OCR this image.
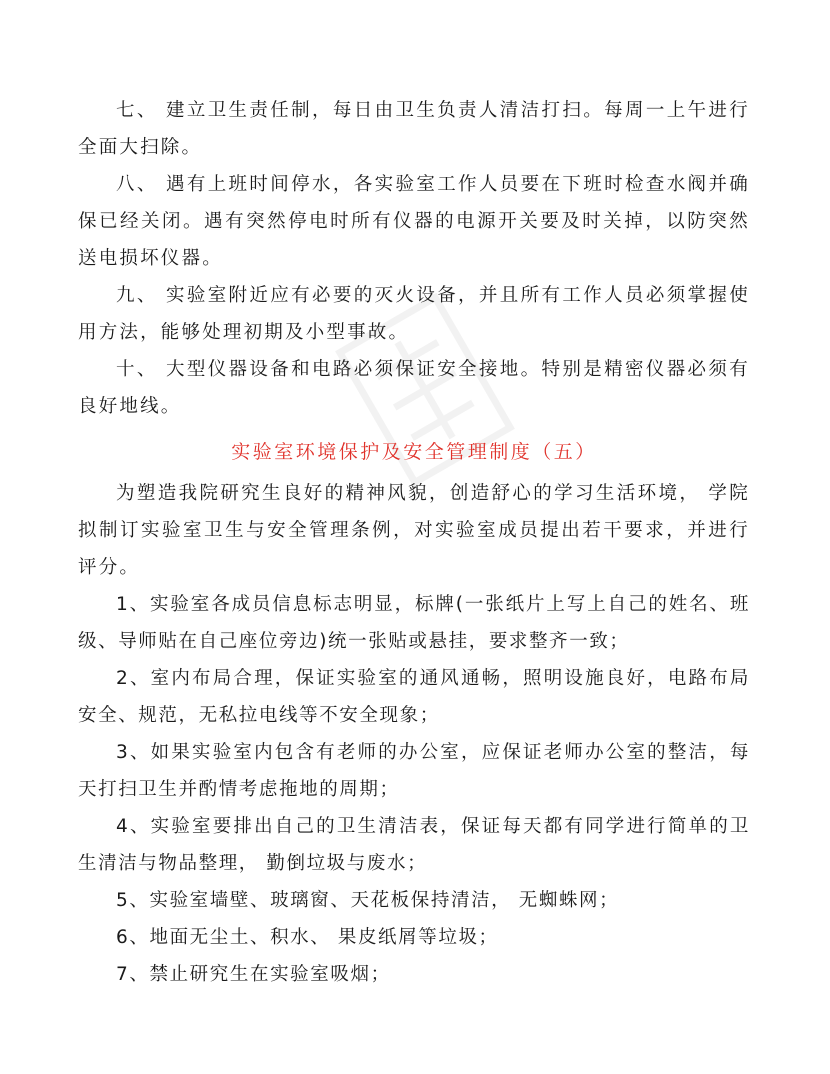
七、 建立卫生责任制，每日由卫生负责人清洁打扫。每周一上午进行全面大扫除。

八、 遇有上班时间停水，各实验室工作人员要在下班时检查水阀并确保已经关闭。遇有突然停电时所有仪器的电源开关要及时关掉，以防突然送电损坏仪器。

九、 实验室附近应有必要的灭火设备，并且所有工作人员必须掌握使用方法，能够处理初期及小型事故。

十、 大型仪器设备和电路必须保证安全接地。特别是精密仪器必须有良好地线。

实验室环境保护及安全管理制度（五）

为塑造我院研究生良好的精神风貌，创造舒心的学习生活环境， 学院拟制订实验室卫生与安全管理条例，对实验室成员提出若干要求，并进行评分。

1、实验室各成员信息标志明显，标牌(一张纸片上写上自己的姓名、班级、导师贴在自己座位旁边)统一张贴或悬挂，要求整齐一致；

2、室内布局合理，保证实验室的通风通畅，照明设施良好，电路布局安全、规范，无私拉电线等不安全现象；

3、如果实验室内包含有老师的办公室，应保证老师办公室的整洁，每天打扫卫生并酌情考虑拖地的周期；

4、实验室要排出自己的卫生清洁表，保证每天都有同学进行简单的卫生清洁与物品整理， 勤倒垃圾与废水；

5、实验室墙壁、玻璃窗、天花板保持清洁， 无蜘蛛网；

6、地面无尘土、积水、 果皮纸屑等垃圾；

7、禁止研究生在实验室吸烟；
